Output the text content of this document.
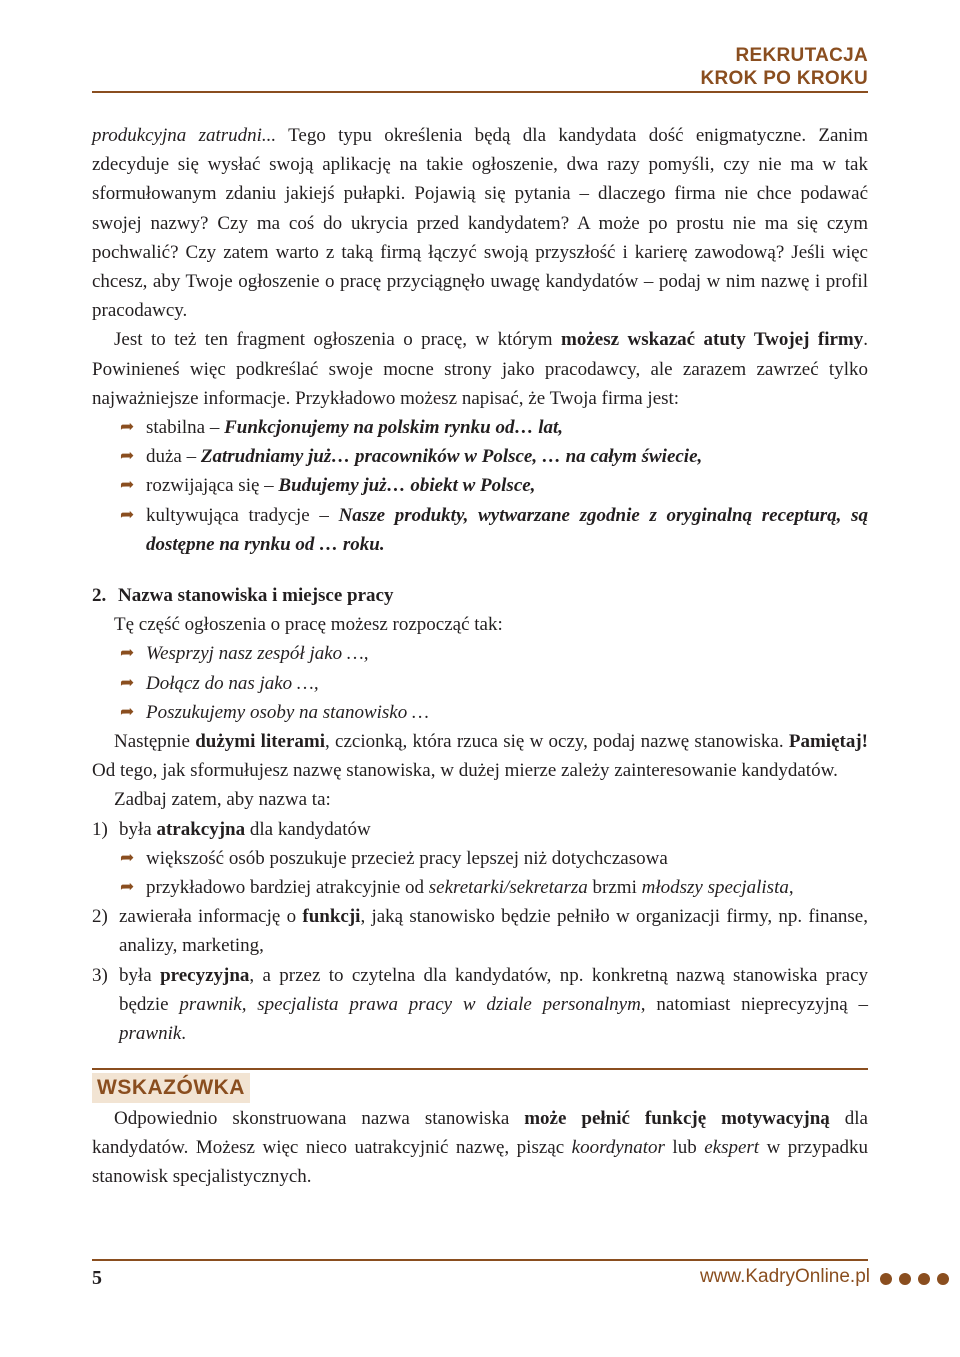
REKRUTACJA
KROK PO KROKU

produkcyjna zatrudni... Tego typu określenia będą dla kandydata dość enigmatyczne. Zanim zdecyduje się wysłać swoją aplikację na takie ogłoszenie, dwa razy pomyśli, czy nie ma w tak sformułowanym zdaniu jakiejś pułapki. Pojawią się pytania – dlaczego firma nie chce podawać swojej nazwy? Czy ma coś do ukrycia przed kandydatem? A może po prostu nie ma się czym pochwalić? Czy zatem warto z taką firmą łączyć swoją przyszłość i karierę zawodową? Jeśli więc chcesz, aby Twoje ogłoszenie o pracę przyciągnęło uwagę kandydatów – podaj w nim nazwę i profil pracodawcy.

Jest to też ten fragment ogłoszenia o pracę, w którym możesz wskazać atuty Twojej firmy. Powinieneś więc podkreślać swoje mocne strony jako pracodawcy, ale zarazem zawrzeć tylko najważniejsze informacje. Przykładowo możesz napisać, że Twoja firma jest:

➦ stabilna – Funkcjonujemy na polskim rynku od… lat,
➦ duża – Zatrudniamy już… pracowników w Polsce, … na całym świecie,
➦ rozwijająca się – Budujemy już… obiekt w Polsce,
➦ kultywująca tradycje – Nasze produkty, wytwarzane zgodnie z oryginalną recepturą, są dostępne na rynku od … roku.

2. Nazwa stanowiska i miejsce pracy

Tę część ogłoszenia o pracę możesz rozpocząć tak:

➦ Wesprzyj nasz zespół jako …,
➦ Dołącz do nas jako …,
➦ Poszukujemy osoby na stanowisko …

Następnie dużymi literami, czcionką, która rzuca się w oczy, podaj nazwę stanowiska. Pamiętaj! Od tego, jak sformułujesz nazwę stanowiska, w dużej mierze zależy zainteresowanie kandydatów.

Zadbaj zatem, aby nazwa ta:

1) była atrakcyjna dla kandydatów
➦ większość osób poszukuje przecież pracy lepszej niż dotychczasowa
➦ przykładowo bardziej atrakcyjnie od sekretarki/sekretarza brzmi młodszy specjalista,
2) zawierała informację o funkcji, jaką stanowisko będzie pełniło w organizacji firmy, np. finanse, analizy, marketing,
3) była precyzyjna, a przez to czytelna dla kandydatów, np. konkretną nazwą stanowiska pracy będzie prawnik, specjalista prawa pracy w dziale personalnym, natomiast nieprecyzyjną – prawnik.
WSKAZÓWKA

Odpowiednio skonstruowana nazwa stanowiska może pełnić funkcję motywacyjną dla kandydatów. Możesz więc nieco uatrakcyjnić nazwę, pisząc koordynator lub ekspert w przypadku stanowisk specjalistycznych.

5	www.KadryOnline.pl
